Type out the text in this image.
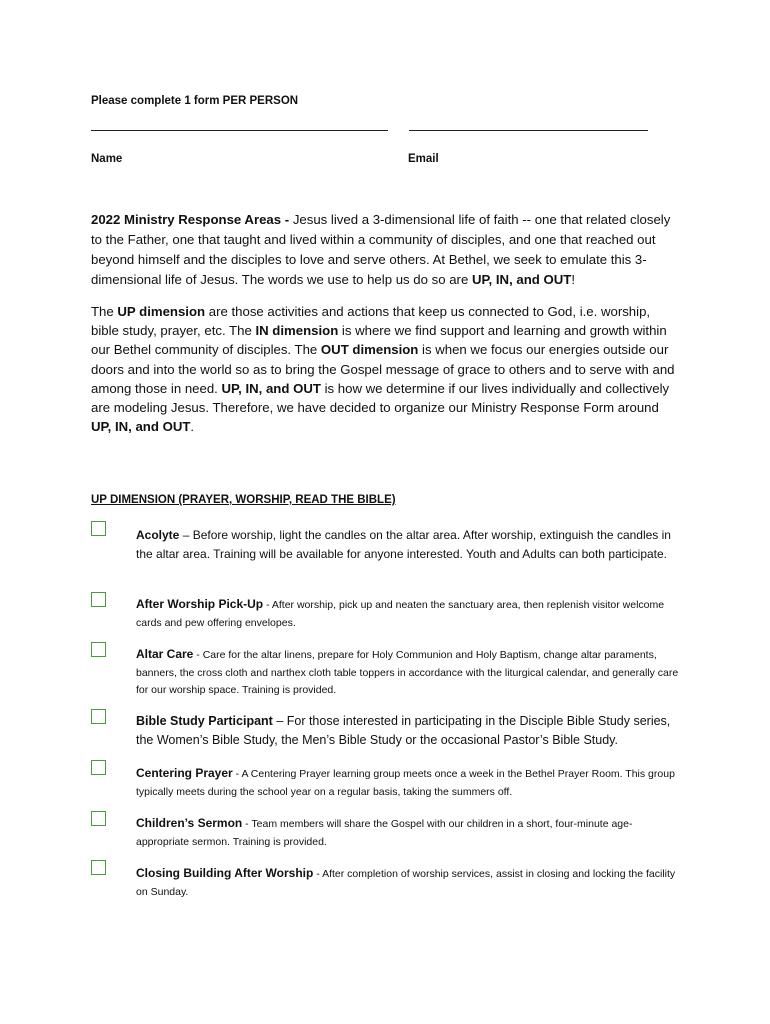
Please complete 1 form PER PERSON
Name	Email
2022 Ministry Response Areas - Jesus lived a 3-dimensional life of faith -- one that related closely to the Father, one that taught and lived within a community of disciples, and one that reached out beyond himself and the disciples to love and serve others. At Bethel, we seek to emulate this 3-dimensional life of Jesus. The words we use to help us do so are UP, IN, and OUT!
The UP dimension are those activities and actions that keep us connected to God, i.e. worship, bible study, prayer, etc. The IN dimension is where we find support and learning and growth within our Bethel community of disciples. The OUT dimension is when we focus our energies outside our doors and into the world so as to bring the Gospel message of grace to others and to serve with and among those in need. UP, IN, and OUT is how we determine if our lives individually and collectively are modeling Jesus. Therefore, we have decided to organize our Ministry Response Form around UP, IN, and OUT.
UP DIMENSION (PRAYER, WORSHIP, READ THE BIBLE)
Acolyte – Before worship, light the candles on the altar area. After worship, extinguish the candles in the altar area. Training will be available for anyone interested. Youth and Adults can both participate.
After Worship Pick-Up - After worship, pick up and neaten the sanctuary area, then replenish visitor welcome cards and pew offering envelopes.
Altar Care - Care for the altar linens, prepare for Holy Communion and Holy Baptism, change altar paraments, banners, the cross cloth and narthex cloth table toppers in accordance with the liturgical calendar, and generally care for our worship space. Training is provided.
Bible Study Participant – For those interested in participating in the Disciple Bible Study series, the Women’s Bible Study, the Men’s Bible Study or the occasional Pastor’s Bible Study.
Centering Prayer - A Centering Prayer learning group meets once a week in the Bethel Prayer Room. This group typically meets during the school year on a regular basis, taking the summers off.
Children’s Sermon - Team members will share the Gospel with our children in a short, four-minute age-appropriate sermon. Training is provided.
Closing Building After Worship - After completion of worship services, assist in closing and locking the facility on Sunday.
